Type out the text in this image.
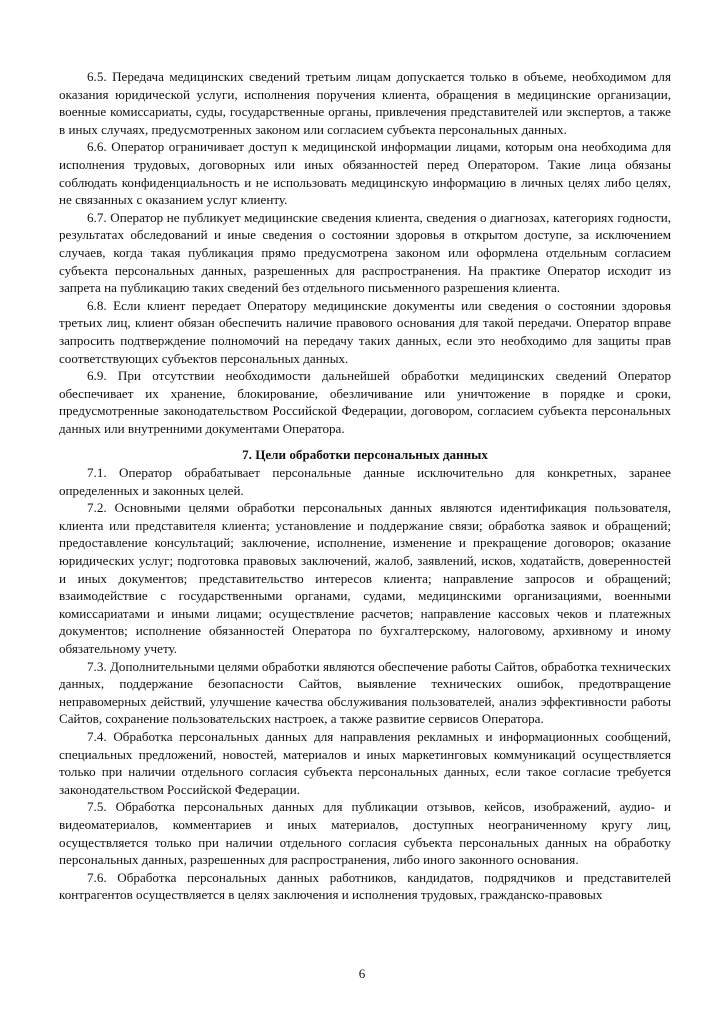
6.5. Передача медицинских сведений третьим лицам допускается только в объеме, необходимом для оказания юридической услуги, исполнения поручения клиента, обращения в медицинские организации, военные комиссариаты, суды, государственные органы, привлечения представителей или экспертов, а также в иных случаях, предусмотренных законом или согласием субъекта персональных данных.

6.6. Оператор ограничивает доступ к медицинской информации лицами, которым она необходима для исполнения трудовых, договорных или иных обязанностей перед Оператором. Такие лица обязаны соблюдать конфиденциальность и не использовать медицинскую информацию в личных целях либо целях, не связанных с оказанием услуг клиенту.

6.7. Оператор не публикует медицинские сведения клиента, сведения о диагнозах, категориях годности, результатах обследований и иные сведения о состоянии здоровья в открытом доступе, за исключением случаев, когда такая публикация прямо предусмотрена законом или оформлена отдельным согласием субъекта персональных данных, разрешенных для распространения. На практике Оператор исходит из запрета на публикацию таких сведений без отдельного письменного разрешения клиента.

6.8. Если клиент передает Оператору медицинские документы или сведения о состоянии здоровья третьих лиц, клиент обязан обеспечить наличие правового основания для такой передачи. Оператор вправе запросить подтверждение полномочий на передачу таких данных, если это необходимо для защиты прав соответствующих субъектов персональных данных.

6.9. При отсутствии необходимости дальнейшей обработки медицинских сведений Оператор обеспечивает их хранение, блокирование, обезличивание или уничтожение в порядке и сроки, предусмотренные законодательством Российской Федерации, договором, согласием субъекта персональных данных или внутренними документами Оператора.

7. Цели обработки персональных данных

7.1. Оператор обрабатывает персональные данные исключительно для конкретных, заранее определенных и законных целей.

7.2. Основными целями обработки персональных данных являются идентификация пользователя, клиента или представителя клиента; установление и поддержание связи; обработка заявок и обращений; предоставление консультаций; заключение, исполнение, изменение и прекращение договоров; оказание юридических услуг; подготовка правовых заключений, жалоб, заявлений, исков, ходатайств, доверенностей и иных документов; представительство интересов клиента; направление запросов и обращений; взаимодействие с государственными органами, судами, медицинскими организациями, военными комиссариатами и иными лицами; осуществление расчетов; направление кассовых чеков и платежных документов; исполнение обязанностей Оператора по бухгалтерскому, налоговому, архивному и иному обязательному учету.

7.3. Дополнительными целями обработки являются обеспечение работы Сайтов, обработка технических данных, поддержание безопасности Сайтов, выявление технических ошибок, предотвращение неправомерных действий, улучшение качества обслуживания пользователей, анализ эффективности работы Сайтов, сохранение пользовательских настроек, а также развитие сервисов Оператора.

7.4. Обработка персональных данных для направления рекламных и информационных сообщений, специальных предложений, новостей, материалов и иных маркетинговых коммуникаций осуществляется только при наличии отдельного согласия субъекта персональных данных, если такое согласие требуется законодательством Российской Федерации.

7.5. Обработка персональных данных для публикации отзывов, кейсов, изображений, аудио- и видеоматериалов, комментариев и иных материалов, доступных неограниченному кругу лиц, осуществляется только при наличии отдельного согласия субъекта персональных данных на обработку персональных данных, разрешенных для распространения, либо иного законного основания.

7.6. Обработка персональных данных работников, кандидатов, подрядчиков и представителей контрагентов осуществляется в целях заключения и исполнения трудовых, гражданско-правовых

6
